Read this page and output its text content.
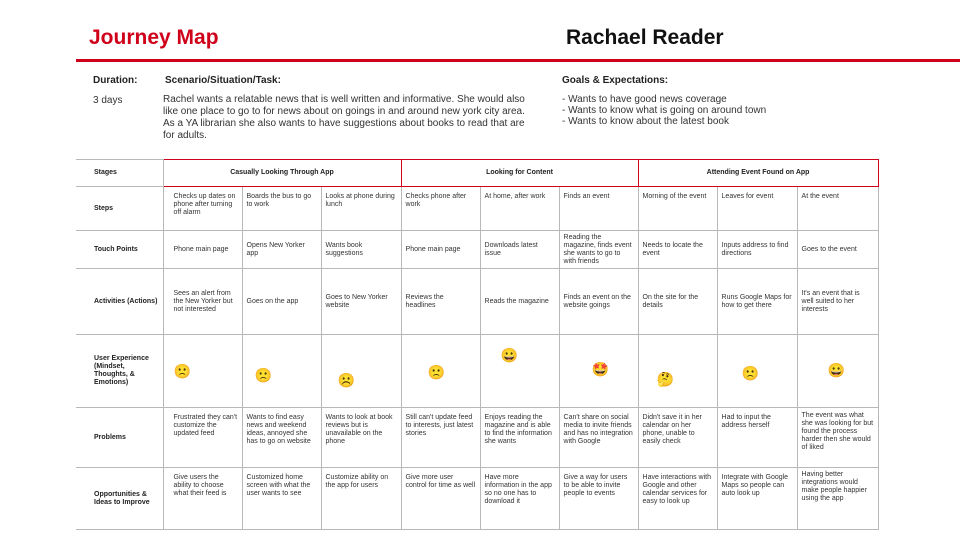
Journey Map	Rachael Reader
Duration:
3 days
Scenario/Situation/Task:
Rachel wants a relatable news that is well written and informative. She would also like one place to go to for news about on goings in and around new york city area. As a YA librarian she also wants to have suggestions about books to read that are for adults.
Goals & Expectations:
- Wants to have good news coverage
- Wants to know what is going on around town
- Wants to know about the latest book
Stages	Casually Looking Through App			Looking for Content			Attending Event Found on App		
Steps	Checks up dates on phone after turning off alarm	Boards the bus to go to work	Looks at phone during lunch	Checks phone after work	At home, after work	Finds an event	Morning of the event	Leaves for event	At the event
Touch Points	Phone main page	Opens New Yorker app	Wants book suggestions	Phone main page	Downloads latest issue	Reading the magazine, finds event she wants to go to with friends	Needs to locate the event	Inputs address to find directions	Goes to the event
Activities (Actions)	Sees an alert from the New Yorker but not interested	Goes on the app	Goes to New Yorker website	Reviews the headlines	Reads the magazine	Finds an event on the website goings	On the site for the details	Runs Google Maps for how to get there	It's an event that is well suited to her interests
User Experience (Mindset, Thoughts, & Emotions)	🙁	🙁	☹️	🙁	😀	🤩	🤔	🙁	😀
Problems	Frustrated they can't customize the updated feed	Wants to find easy news and weekend ideas, annoyed she has to go on website	Wants to look at book reviews but is unavailable on the phone	Still can't update feed to interests, just latest stories	Enjoys reading the magazine and is able to find the information she wants	Can't share on social media to invite friends and has no integration with Google	Didn't save it in her calendar on her phone, unable to easily check	Had to input the address herself	The event was what she was looking for but found the process harder then she would of liked
Opportunities & Ideas to Improve	Give users the ability to choose what their feed is	Customized home screen with what the user wants to see	Customize ability on the app for users	Give more user control for time as well	Have more information in the app so no one has to download it	Give a way for users to be able to invite people to events	Have interactions with Google and other calendar services for easy to look up	Integrate with Google Maps so people can auto look up	Having better integrations would make people happier using the app
